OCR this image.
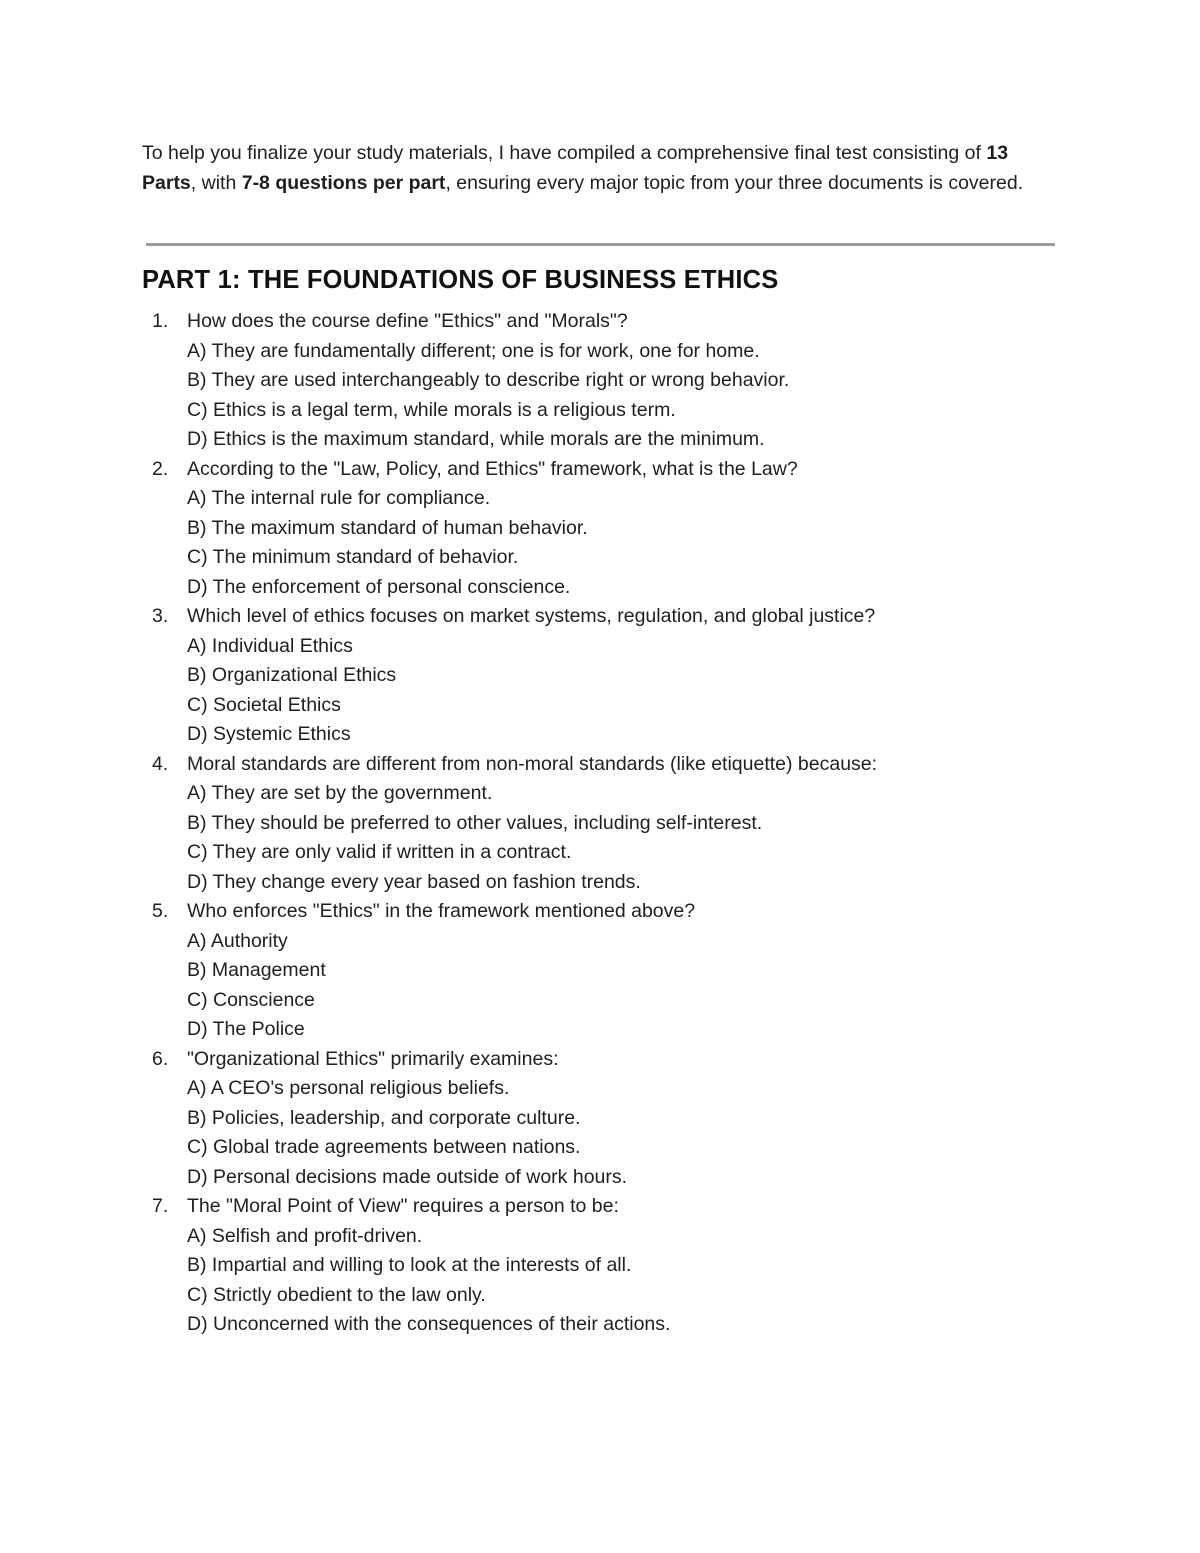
To help you finalize your study materials, I have compiled a comprehensive final test consisting of 13 Parts, with 7-8 questions per part, ensuring every major topic from your three documents is covered.

PART 1: THE FOUNDATIONS OF BUSINESS ETHICS
1. How does the course define "Ethics" and "Morals"?
A) They are fundamentally different; one is for work, one for home.
B) They are used interchangeably to describe right or wrong behavior.
C) Ethics is a legal term, while morals is a religious term.
D) Ethics is the maximum standard, while morals are the minimum.
2. According to the "Law, Policy, and Ethics" framework, what is the Law?
A) The internal rule for compliance.
B) The maximum standard of human behavior.
C) The minimum standard of behavior.
D) The enforcement of personal conscience.
3. Which level of ethics focuses on market systems, regulation, and global justice?
A) Individual Ethics
B) Organizational Ethics
C) Societal Ethics
D) Systemic Ethics
4. Moral standards are different from non-moral standards (like etiquette) because:
A) They are set by the government.
B) They should be preferred to other values, including self-interest.
C) They are only valid if written in a contract.
D) They change every year based on fashion trends.
5. Who enforces "Ethics" in the framework mentioned above?
A) Authority
B) Management
C) Conscience
D) The Police
6. "Organizational Ethics" primarily examines:
A) A CEO's personal religious beliefs.
B) Policies, leadership, and corporate culture.
C) Global trade agreements between nations.
D) Personal decisions made outside of work hours.
7. The "Moral Point of View" requires a person to be:
A) Selfish and profit-driven.
B) Impartial and willing to look at the interests of all.
C) Strictly obedient to the law only.
D) Unconcerned with the consequences of their actions.
